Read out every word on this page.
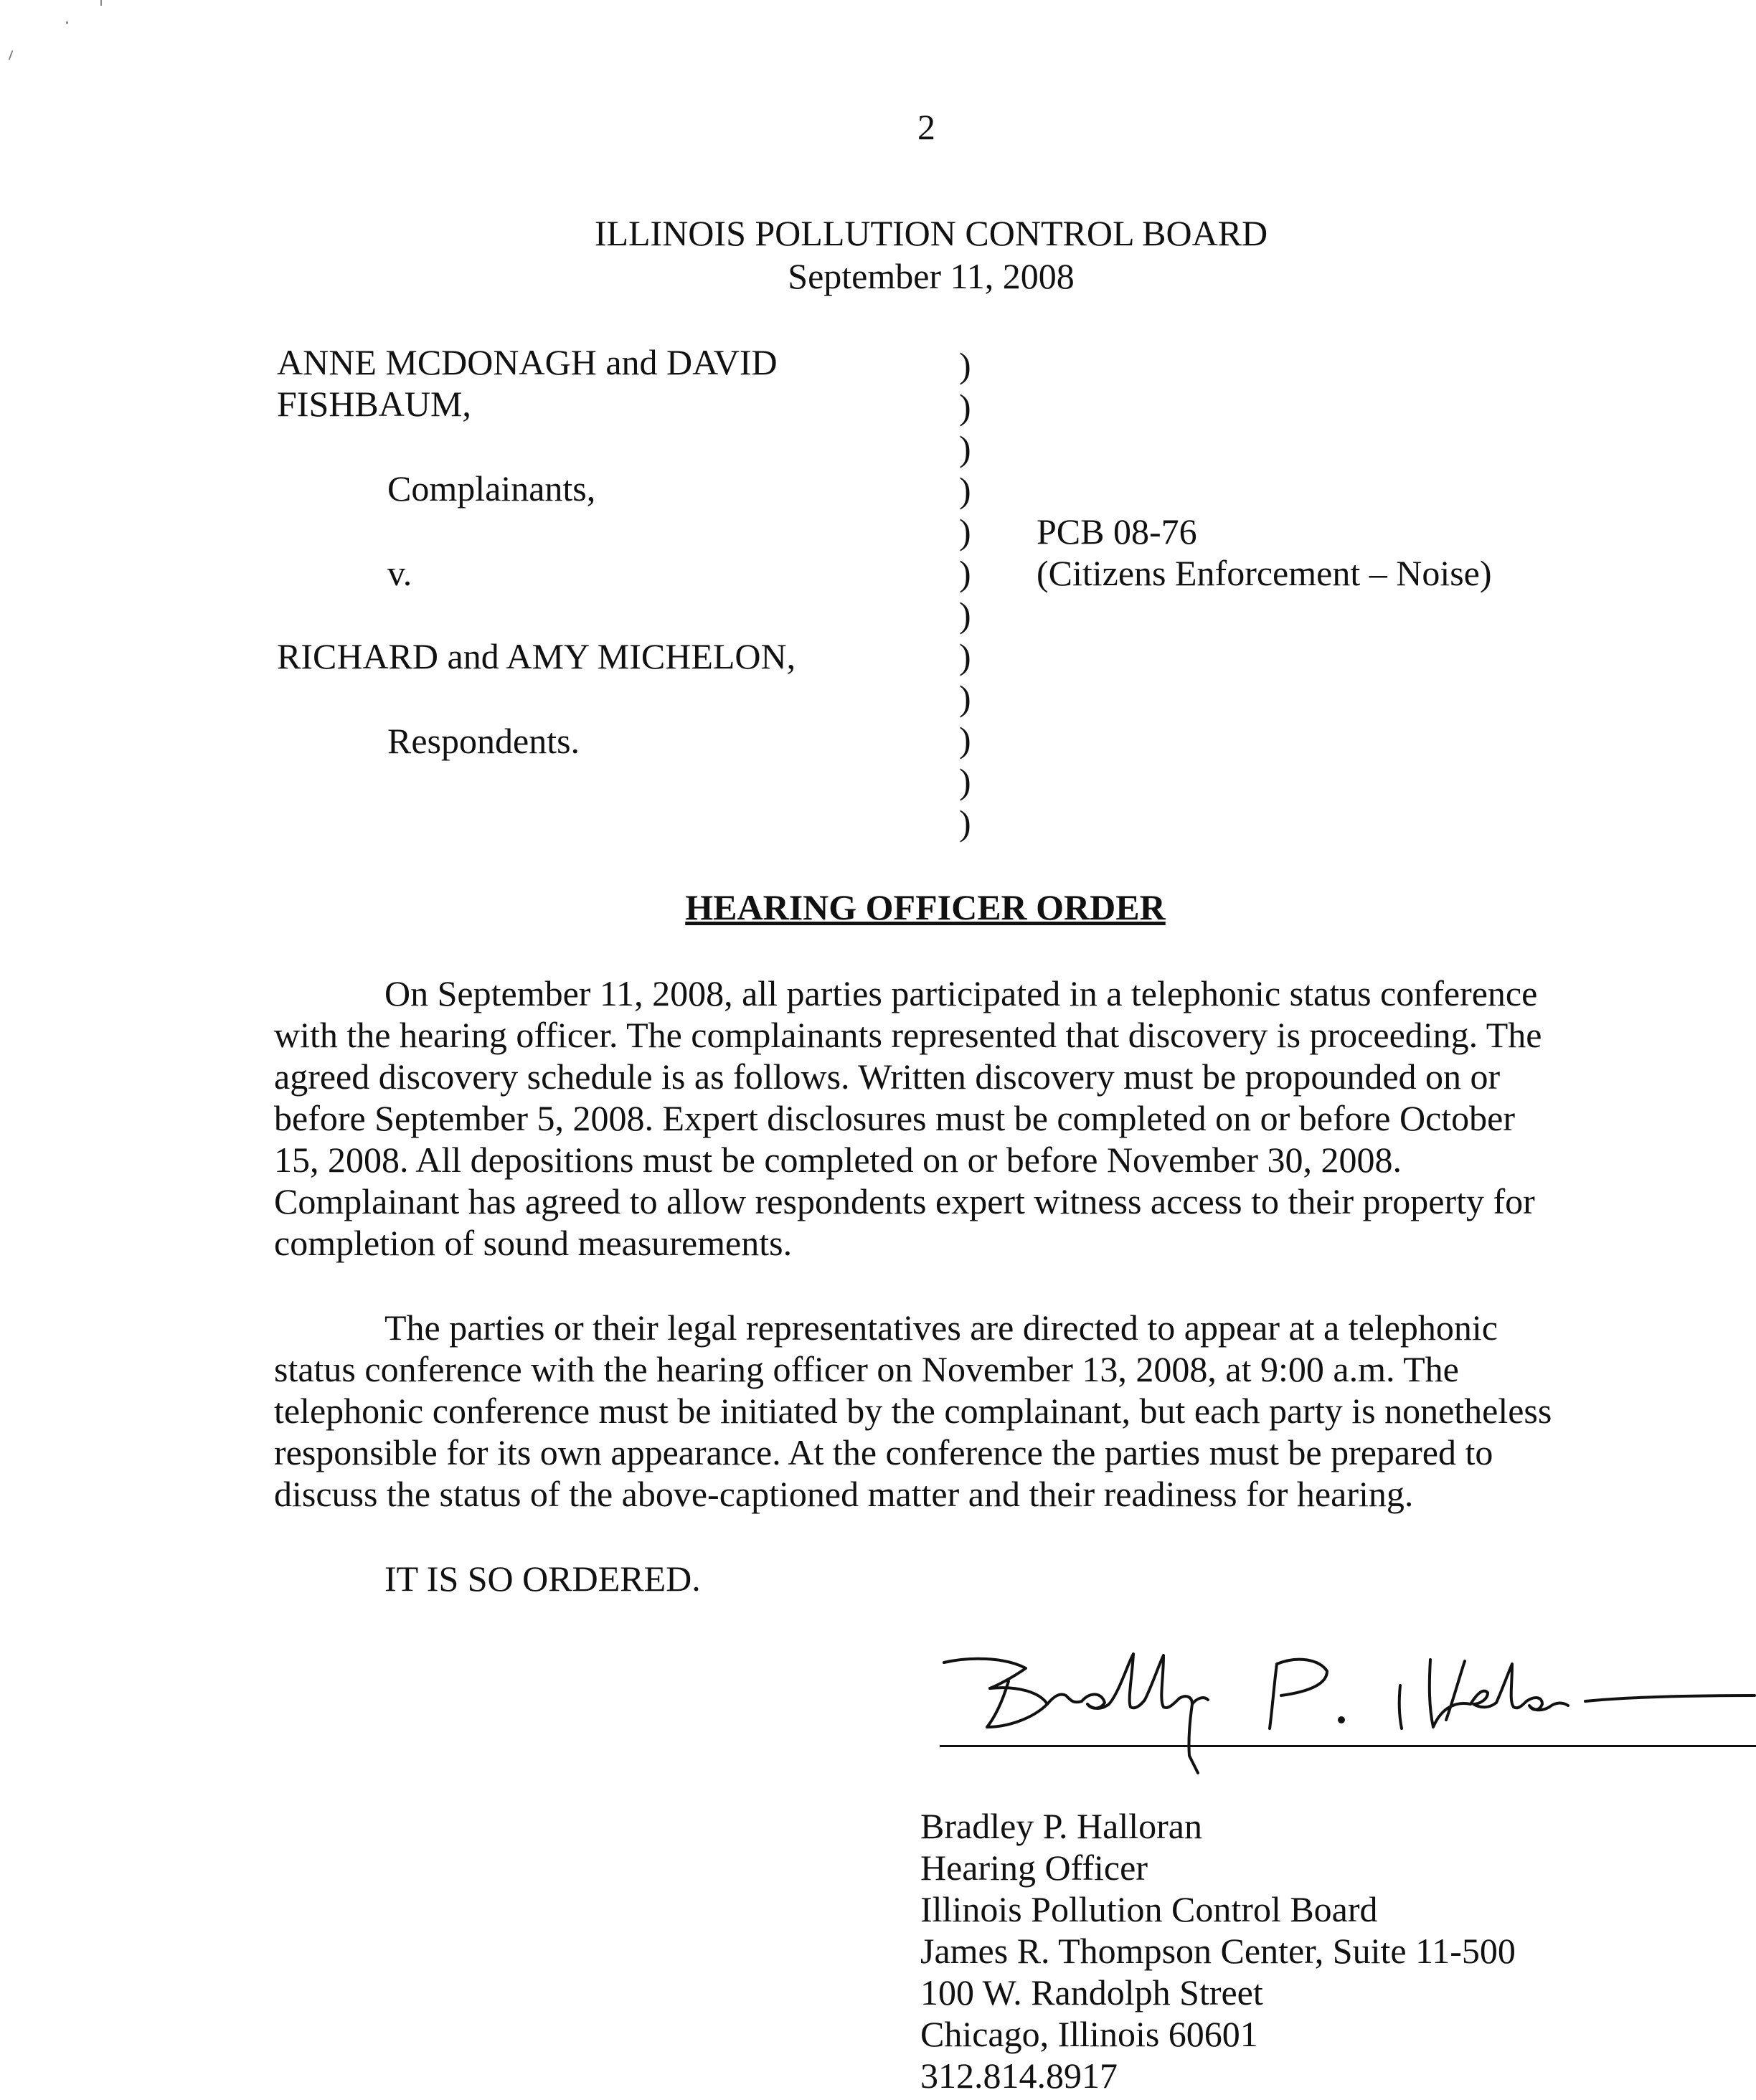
2
ILLINOIS POLLUTION CONTROL BOARD
September 11, 2008
ANNE MCDONAGH and DAVID
FISHBAUM,
Complainants,
v.
RICHARD and AMY MICHELON,
Respondents.
)
)
)
)
)
)
)
)
)
)
)
)
PCB 08-76
(Citizens Enforcement – Noise)
HEARING OFFICER ORDER
On September 11, 2008, all parties participated in a telephonic status conference
with the hearing officer. The complainants represented that discovery is proceeding. The
agreed discovery schedule is as follows. Written discovery must be propounded on or
before September 5, 2008. Expert disclosures must be completed on or before October
15, 2008. All depositions must be completed on or before November 30, 2008.
Complainant has agreed to allow respondents expert witness access to their property for
completion of sound measurements.
The parties or their legal representatives are directed to appear at a telephonic
status conference with the hearing officer on November 13, 2008, at 9:00 a.m. The
telephonic conference must be initiated by the complainant, but each party is nonetheless
responsible for its own appearance. At the conference the parties must be prepared to
discuss the status of the above-captioned matter and their readiness for hearing.
IT IS SO ORDERED.
Bradley P. Halloran
Hearing Officer
Illinois Pollution Control Board
James R. Thompson Center, Suite 11-500
100 W. Randolph Street
Chicago, Illinois 60601
312.814.8917
